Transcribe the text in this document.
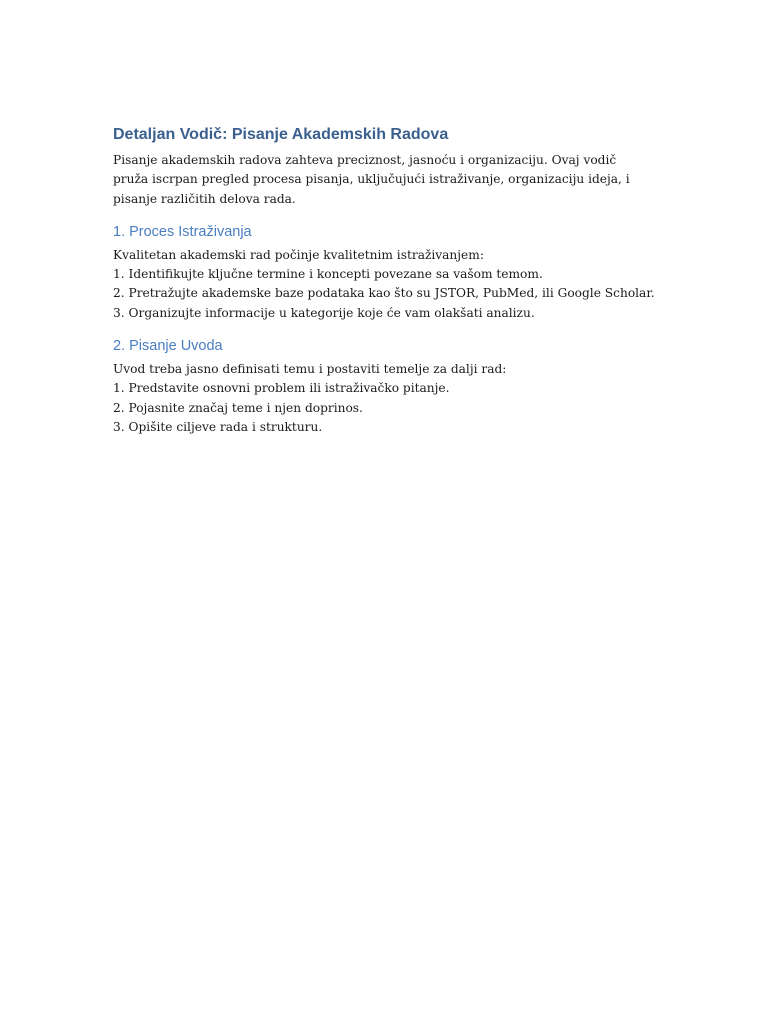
Detaljan Vodič: Pisanje Akademskih Radova

Pisanje akademskih radova zahteva preciznost, jasnoću i organizaciju. Ovaj vodič pruža iscrpan pregled procesa pisanja, uključujući istraživanje, organizaciju ideja, i pisanje različitih delova rada.

1. Proces Istraživanja

Kvalitetan akademski rad počinje kvalitetnim istraživanjem:

1. Identifikujte ključne termine i koncepti povezane sa vašom temom.
2. Pretražujte akademske baze podataka kao što su JSTOR, PubMed, ili Google Scholar.
3. Organizujte informacije u kategorije koje će vam olakšati analizu.
2. Pisanje Uvoda

Uvod treba jasno definisati temu i postaviti temelje za dalji rad:

1. Predstavite osnovni problem ili istraživačko pitanje.
2. Pojasnite značaj teme i njen doprinos.
3. Opišite ciljeve rada i strukturu.
